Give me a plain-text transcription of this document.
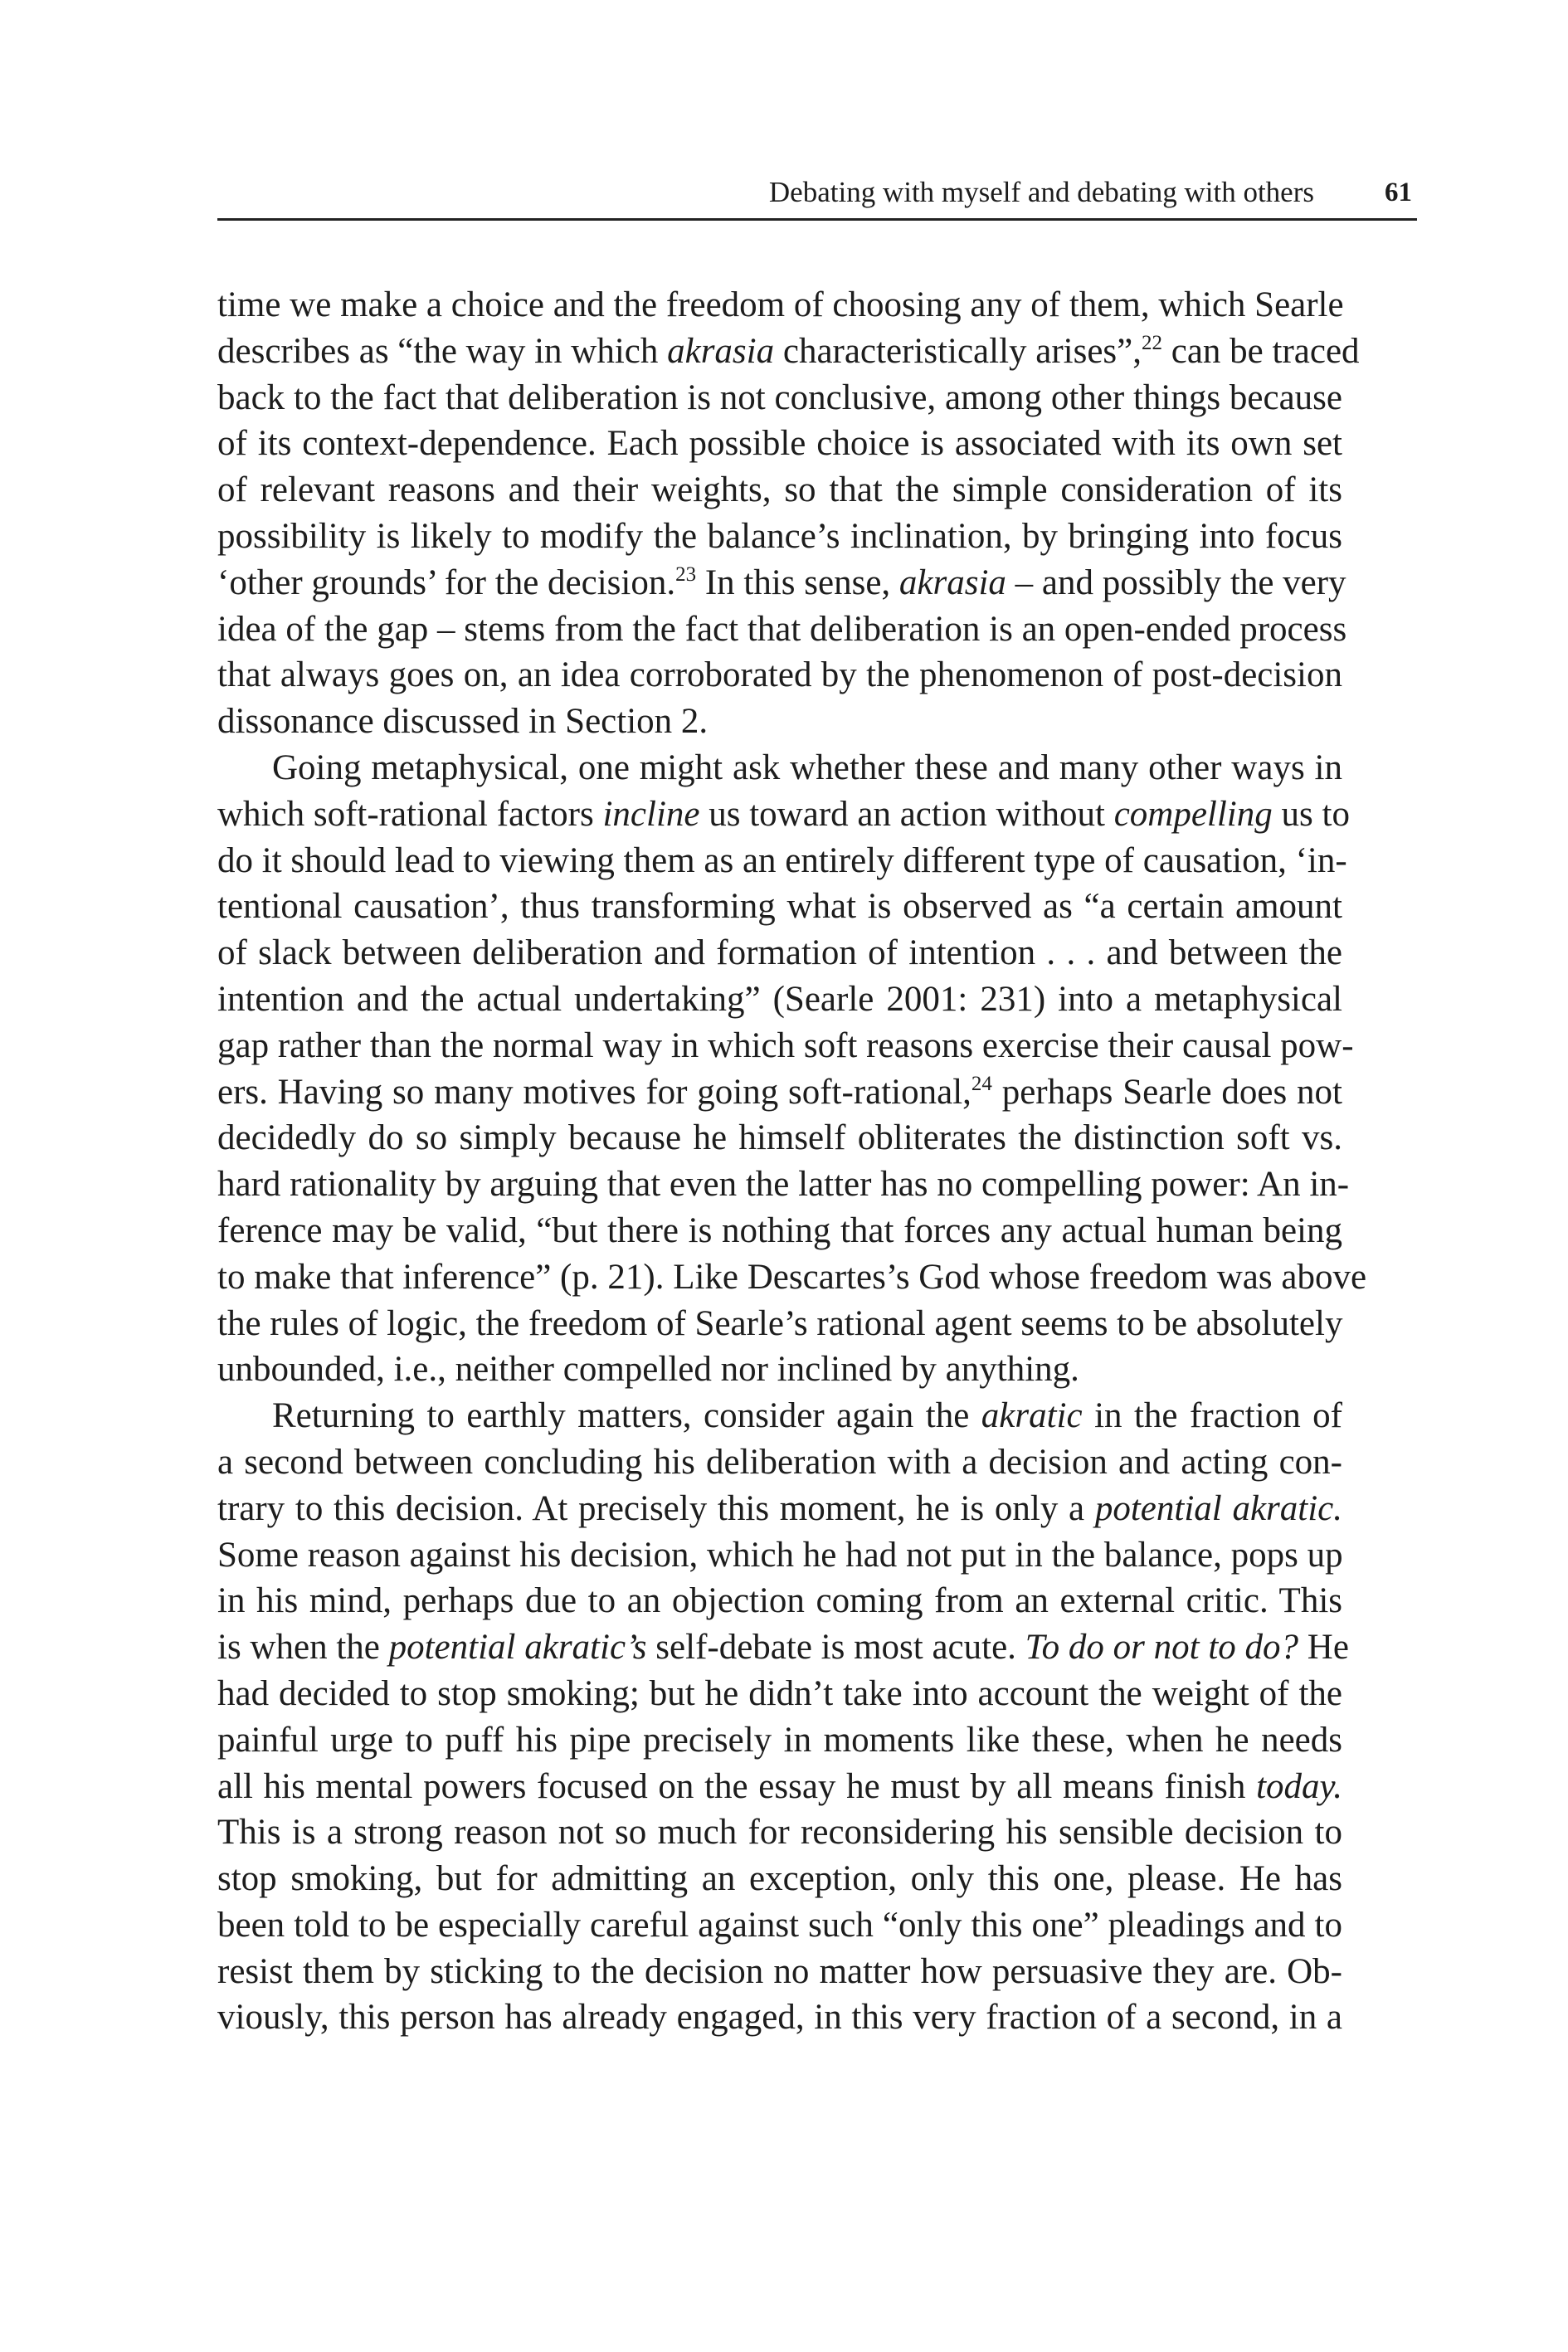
Debating with myself and debating with others	61
time we make a choice and the freedom of choosing any of them, which Searle
describes as “the way in which akrasia characteristically arises”,$^{22}$ can be traced
back to the fact that deliberation is not conclusive, among other things because
of its context-dependence. Each possible choice is associated with its own set
of relevant reasons and their weights, so that the simple consideration of its
possibility is likely to modify the balance’s inclination, by bringing into focus
‘other grounds’ for the decision.$^{23}$ In this sense, akrasia – and possibly the very
idea of the gap – stems from the fact that deliberation is an open-ended process
that always goes on, an idea corroborated by the phenomenon of post-decision
dissonance discussed in Section 2.
Going metaphysical, one might ask whether these and many other ways in
which soft-rational factors incline us toward an action without compelling us to
do it should lead to viewing them as an entirely different type of causation, ‘in-
tentional causation’, thus transforming what is observed as “a certain amount
of slack between deliberation and formation of intention . . . and between the
intention and the actual undertaking” (Searle 2001: 231) into a metaphysical
gap rather than the normal way in which soft reasons exercise their causal pow-
ers. Having so many motives for going soft-rational,$^{24}$ perhaps Searle does not
decidedly do so simply because he himself obliterates the distinction soft vs.
hard rationality by arguing that even the latter has no compelling power: An in-
ference may be valid, “but there is nothing that forces any actual human being
to make that inference” (p. 21). Like Descartes’s God whose freedom was above
the rules of logic, the freedom of Searle’s rational agent seems to be absolutely
unbounded, i.e., neither compelled nor inclined by anything.
Returning to earthly matters, consider again the akratic in the fraction of
a second between concluding his deliberation with a decision and acting con-
trary to this decision. At precisely this moment, he is only a potential akratic.
Some reason against his decision, which he had not put in the balance, pops up
in his mind, perhaps due to an objection coming from an external critic. This
is when the potential akratic’s self-debate is most acute. To do or not to do? He
had decided to stop smoking; but he didn’t take into account the weight of the
painful urge to puff his pipe precisely in moments like these, when he needs
all his mental powers focused on the essay he must by all means finish today.
This is a strong reason not so much for reconsidering his sensible decision to
stop smoking, but for admitting an exception, only this one, please. He has
been told to be especially careful against such “only this one” pleadings and to
resist them by sticking to the decision no matter how persuasive they are. Ob-
viously, this person has already engaged, in this very fraction of a second, in a
